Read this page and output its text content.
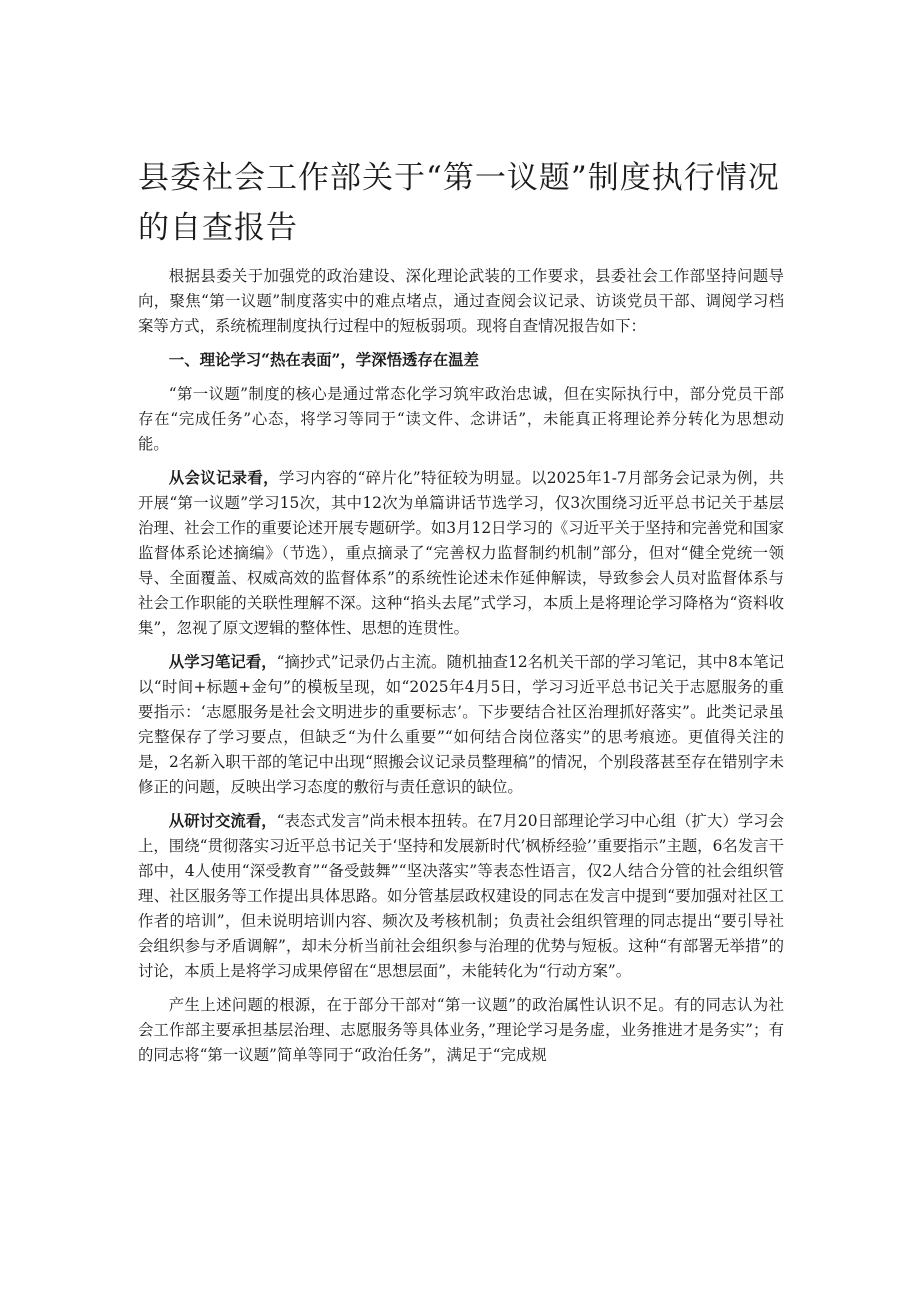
县委社会工作部关于“第一议题”制度执行情况的自查报告

根据县委关于加强党的政治建设、深化理论武装的工作要求，县委社会工作部坚持问题导向，聚焦“第一议题”制度落实中的难点堵点，通过查阅会议记录、访谈党员干部、调阅学习档案等方式，系统梳理制度执行过程中的短板弱项。现将自查情况报告如下：

一、理论学习“热在表面”，学深悟透存在温差

“第一议题”制度的核心是通过常态化学习筑牢政治忠诚，但在实际执行中，部分党员干部存在“完成任务”心态，将学习等同于“读文件、念讲话”，未能真正将理论养分转化为思想动能。

从会议记录看，学习内容的“碎片化”特征较为明显。以2025年1-7月部务会记录为例，共开展“第一议题”学习15次，其中12次为单篇讲话节选学习，仅3次围绕习近平总书记关于基层治理、社会工作的重要论述开展专题研学。如3月12日学习的《习近平关于坚持和完善党和国家监督体系论述摘编》（节选），重点摘录了“完善权力监督制约机制”部分，但对“健全党统一领导、全面覆盖、权威高效的监督体系”的系统性论述未作延伸解读，导致参会人员对监督体系与社会工作职能的关联性理解不深。这种“掐头去尾”式学习，本质上是将理论学习降格为“资料收集”，忽视了原文逻辑的整体性、思想的连贯性。

从学习笔记看，“摘抄式”记录仍占主流。随机抽查12名机关干部的学习笔记，其中8本笔记以“时间+标题+金句”的模板呈现，如“2025年4月5日，学习习近平总书记关于志愿服务的重要指示：‘志愿服务是社会文明进步的重要标志’。下步要结合社区治理抓好落实”。此类记录虽完整保存了学习要点，但缺乏“为什么重要”“如何结合岗位落实”的思考痕迹。更值得关注的是，2名新入职干部的笔记中出现“照搬会议记录员整理稿”的情况，个别段落甚至存在错别字未修正的问题，反映出学习态度的敷衍与责任意识的缺位。

从研讨交流看，“表态式发言”尚未根本扭转。在7月20日部理论学习中心组（扩大）学习会上，围绕“贯彻落实习近平总书记关于‘坚持和发展新时代’枫桥经验’’重要指示”主题，6名发言干部中，4人使用“深受教育”“备受鼓舞”“坚决落实”等表态性语言，仅2人结合分管的社会组织管理、社区服务等工作提出具体思路。如分管基层政权建设的同志在发言中提到“要加强对社区工作者的培训”，但未说明培训内容、频次及考核机制；负责社会组织管理的同志提出“要引导社会组织参与矛盾调解”，却未分析当前社会组织参与治理的优势与短板。这种“有部署无举措”的讨论，本质上是将学习成果停留在“思想层面”，未能转化为“行动方案”。

产生上述问题的根源，在于部分干部对“第一议题”的政治属性认识不足。有的同志认为社会工作部主要承担基层治理、志愿服务等具体业务，”理论学习是务虚，业务推进才是务实”；有的同志将“第一议题”简单等同于“政治任务”，满足于“完成规
